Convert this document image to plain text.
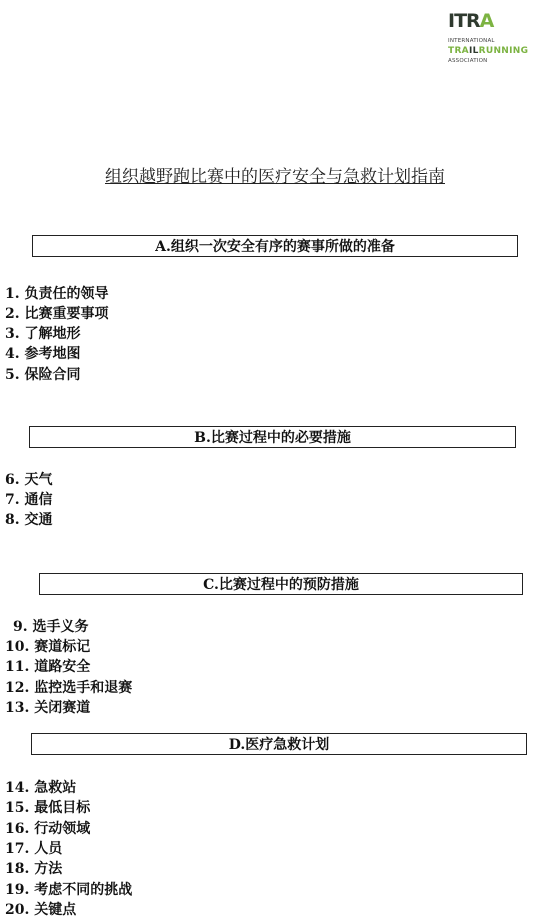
ITRA
INTERNATIONAL
TRAILRUNNING
ASSOCIATION
组织越野跑比赛中的医疗安全与急救计划指南
A.组织一次安全有序的赛事所做的准备
1. 负责任的领导
2. 比赛重要事项
3. 了解地形
4. 参考地图
5. 保险合同
B.比赛过程中的必要措施
6. 天气
7. 通信
8. 交通
C.比赛过程中的预防措施
9. 选手义务
10. 赛道标记
11. 道路安全
12. 监控选手和退赛
13. 关闭赛道
D.医疗急救计划
14. 急救站
15. 最低目标
16. 行动领域
17. 人员
18. 方法
19. 考虑不同的挑战
20. 关键点
